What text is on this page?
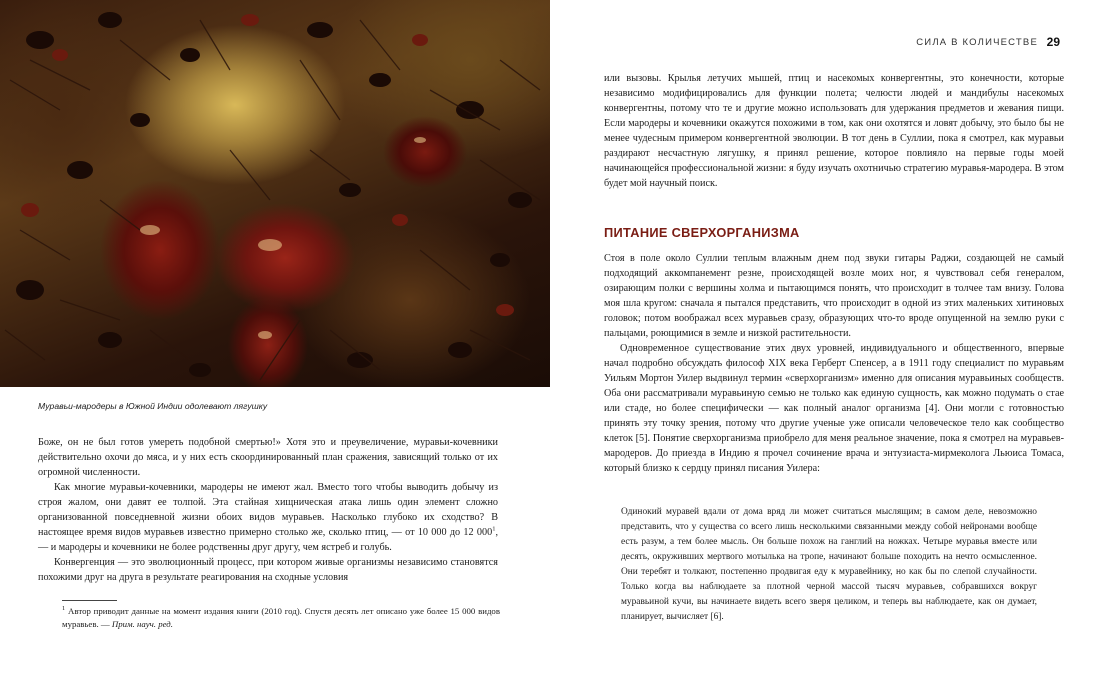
Муравьи-мародеры в Южной Индии одолевают лягушку

Боже, он не был готов умереть подобной смертью!» Хотя это и преувеличение, муравьи-кочевники действительно охочи до мяса, и у них есть скоординированный план сражения, зависящий только от их огромной численности.

Как многие муравьи-кочевники, мародеры не имеют жал. Вместо того чтобы выводить добычу из строя жалом, они давят ее толпой. Эта стайная хищническая атака лишь один элемент сложно организованной повседневной жизни обоих видов муравьев. Насколько глубоко их сходство? В настоящее время видов муравьев известно примерно столько же, сколько птиц, — от 10 000 до 12 $000^1$, — и мародеры и кочевники не более родственны друг другу, чем ястреб и голубь.

Конвергенция — это эволюционный процесс, при котором живые организмы независимо становятся похожими друг на друга в результате реагирования на сходные условия

$^1$ Автор приводит данные на момент издания книги (2010 год). Спустя десять лет описано уже более 15 000 видов муравьев. — Прим. науч. ред.
СИЛА В КОЛИЧЕСТВЕ 29

или вызовы. Крылья летучих мышей, птиц и насекомых конвергентны, это конечности, которые независимо модифицировались для функции полета; челюсти людей и мандибулы насекомых конвергентны, потому что те и другие можно использовать для удержания предметов и жевания пищи. Если мародеры и кочевники окажутся похожими в том, как они охотятся и ловят добычу, это было бы не менее чудесным примером конвергентной эволюции. В тот день в Суллии, пока я смотрел, как муравьи раздирают несчастную лягушку, я принял решение, которое повлияло на первые годы моей начинающейся профессиональной жизни: я буду изучать охотничью стратегию муравья-мародера. В этом будет мой научный поиск.

ПИТАНИЕ СВЕРХОРГАНИЗМА

Стоя в поле около Суллии теплым влажным днем под звуки гитары Раджи, создающей не самый подходящий аккомпанемент резне, происходящей возле моих ног, я чувствовал себя генералом, озирающим полки с вершины холма и пытающимся понять, что происходит в толчее там внизу. Голова моя шла кругом: сначала я пытался представить, что происходит в одной из этих маленьких хитиновых головок; потом воображал всех муравьев сразу, образующих что-то вроде опущенной на землю руки с пальцами, роющимися в земле и низкой растительности.

Одновременное существование этих двух уровней, индивидуального и общественного, впервые начал подробно обсуждать философ XIX века Герберт Спенсер, а в 1911 году специалист по муравьям Уильям Мортон Уилер выдвинул термин «сверхорганизм» именно для описания муравьиных сообществ. Оба они рассматривали муравьиную семью не только как единую сущность, как можно подумать о стае или стаде, но более специфически — как полный аналог организма [4]. Они могли с готовностью принять эту точку зрения, потому что другие ученые уже описали человеческое тело как сообщество клеток [5]. Понятие сверхорганизма приобрело для меня реальное значение, пока я смотрел на муравьев-мародеров. До приезда в Индию я прочел сочинение врача и энтузиаста-мирмеколога Льюиса Томаса, который близко к сердцу принял писания Уилера:

Одинокий муравей вдали от дома вряд ли может считаться мыслящим; в самом деле, невозможно представить, что у существа со всего лишь несколькими связанными между собой нейронами вообще есть разум, а тем более мысль. Он больше похож на ганглий на ножках. Четыре муравья вместе или десять, окружившиx мертвого мотылька на тропе, начинают больше походить на нечто осмысленное. Они теребят и толкают, постепенно продвигая еду к муравейнику, но как бы по слепой случайности. Только когда вы наблюдаете за плотной черной массой тысяч муравьев, собравшихся вокруг муравьиной кучи, вы начинаете видеть всего зверя целиком, и теперь вы наблюдаете, как он думает, планирует, вычисляет [6].
